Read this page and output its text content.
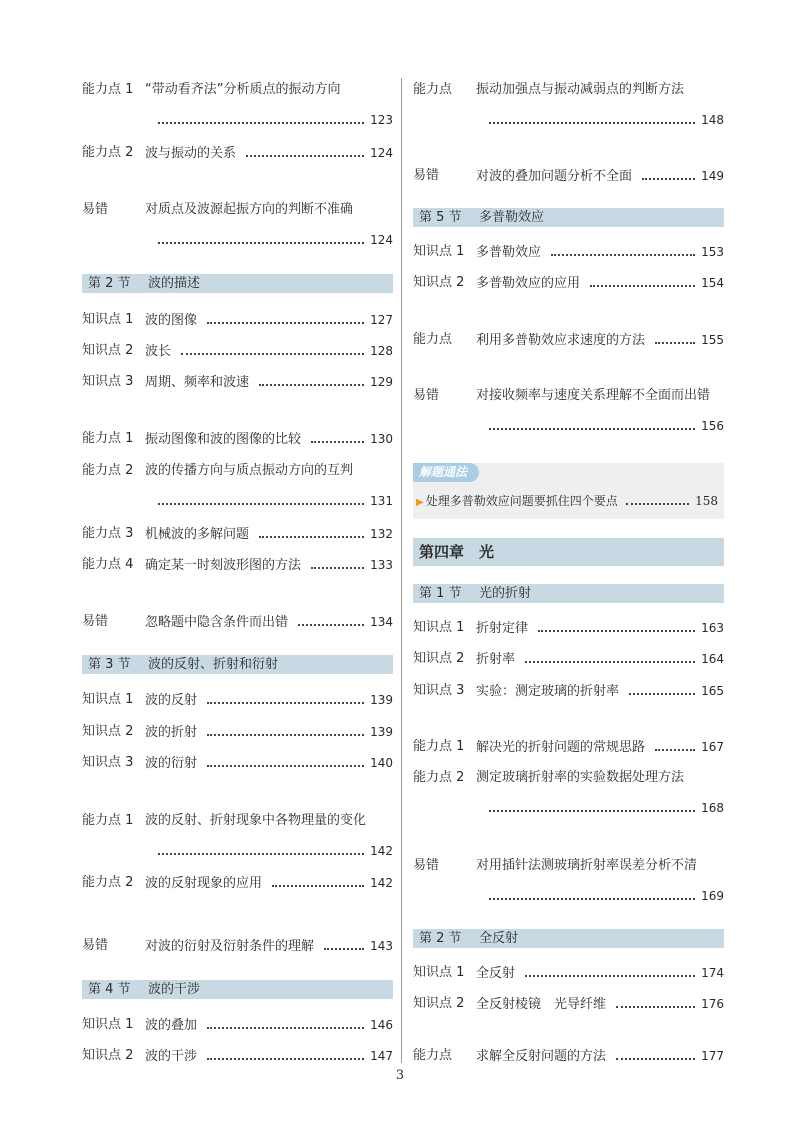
能力点 1 “带动看齐法”分析质点的振动方向
123
能力点 2 波与振动的关系	124
易错	对质点及波源起振方向的判断不准确
124
第 2 节 波的描述
知识点 1 波的图像	127
知识点 2 波长	128
知识点 3 周期、频率和波速	129
能力点 1 振动图像和波的图像的比较	130
能力点 2 波的传播方向与质点振动方向的互判
131
能力点 3 机械波的多解问题	132
能力点 4 确定某一时刻波形图的方法	133
易错	忽略题中隐含条件而出错	134
第 3 节 波的反射、折射和衍射
知识点 1 波的反射	139
知识点 2 波的折射	139
知识点 3 波的衍射	140
能力点 1 波的反射、折射现象中各物理量的变化
142
能力点 2 波的反射现象的应用	142
易错	对波的衍射及衍射条件的理解	143
第 4 节 波的干涉
知识点 1 波的叠加	146
知识点 2 波的干涉	147
能力点 振动加强点与振动减弱点的判断方法
148
易错	对波的叠加问题分析不全面	149
第 5 节 多普勒效应
知识点 1 多普勒效应	153
知识点 2 多普勒效应的应用	154
能力点 利用多普勒效应求速度的方法	155
易错	对接收频率与速度关系理解不全面而出错
156
解题通法
▶ 处理多普勒效应问题要抓住四个要点	158
第四章　光
第 1 节 光的折射
知识点 1 折射定律	163
知识点 2 折射率	164
知识点 3 实验：测定玻璃的折射率	165
能力点 1 解决光的折射问题的常规思路	167
能力点 2 测定玻璃折射率的实验数据处理方法
168
易错	对用插针法测玻璃折射率误差分析不清
169
第 2 节 全反射
知识点 1 全反射	174
知识点 2 全反射棱镜　光导纤维	176
能力点 求解全反射问题的方法	177
3
